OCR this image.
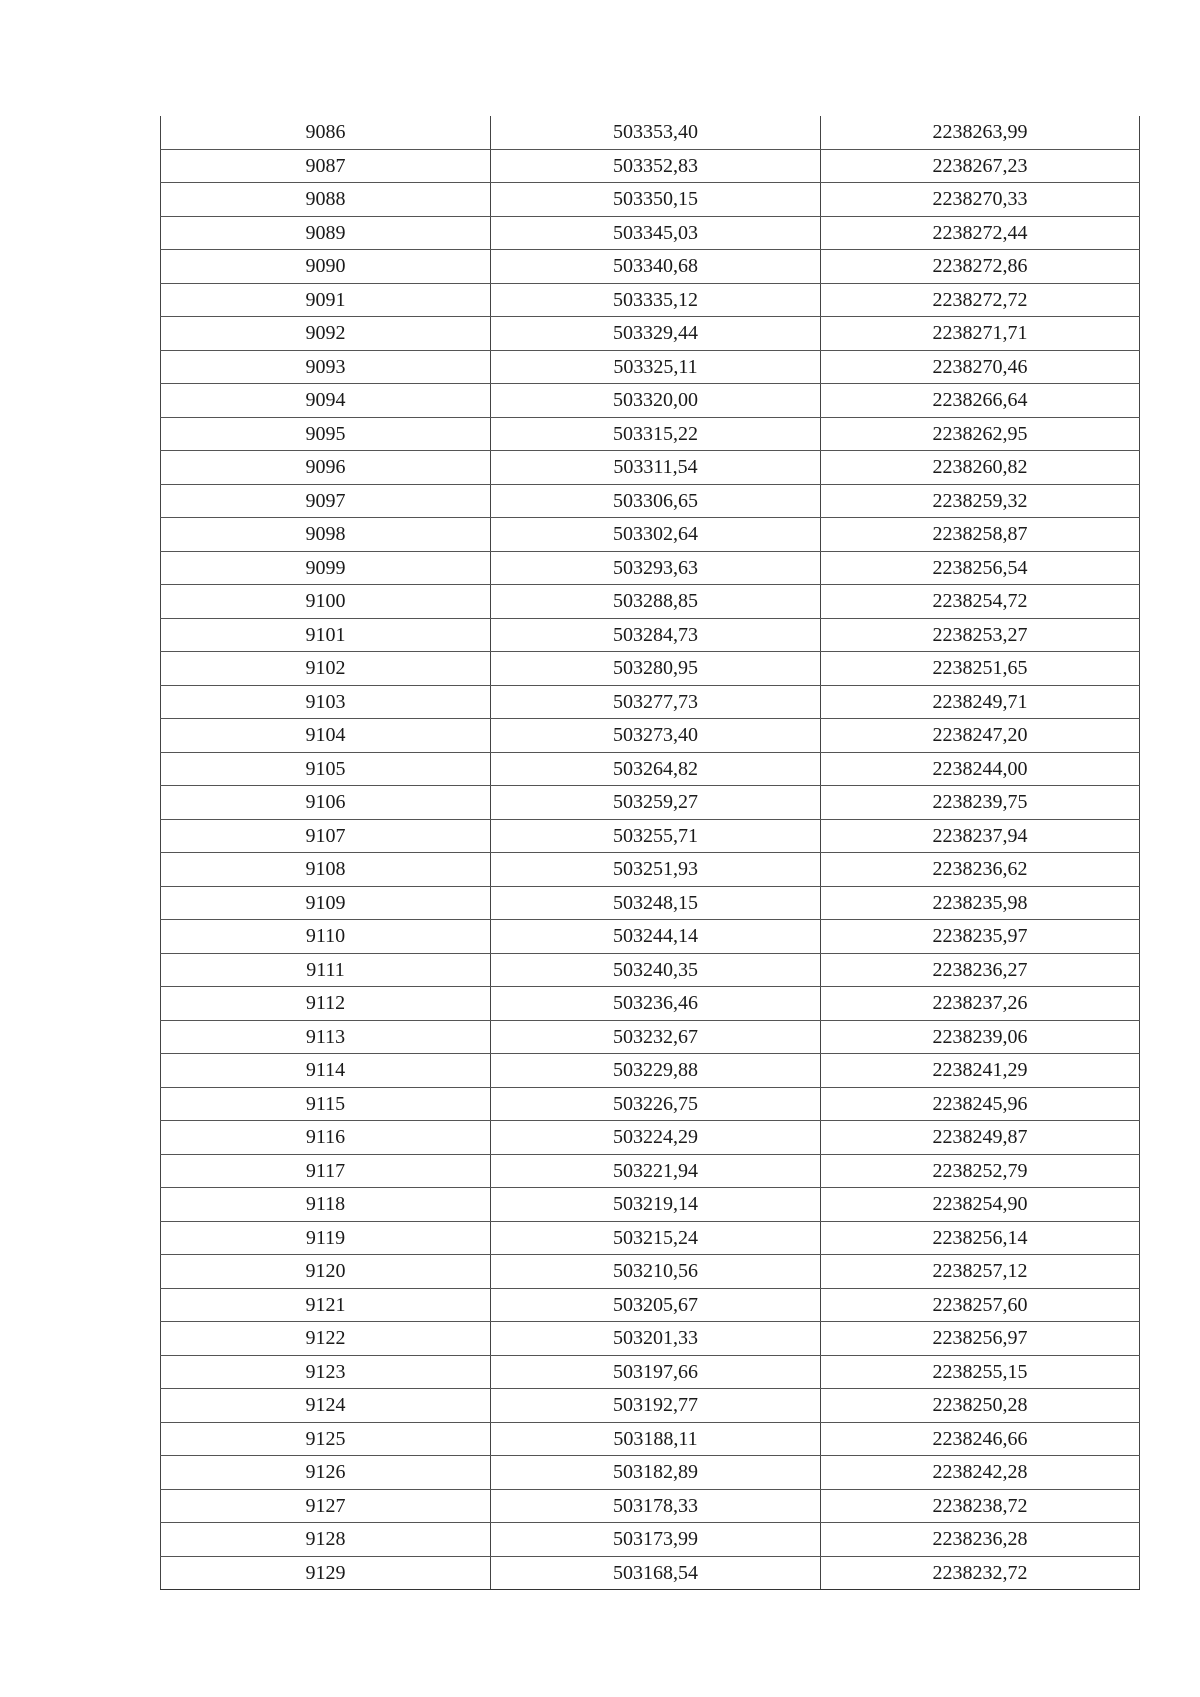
9086	503353,40	2238263,99
9087	503352,83	2238267,23
9088	503350,15	2238270,33
9089	503345,03	2238272,44
9090	503340,68	2238272,86
9091	503335,12	2238272,72
9092	503329,44	2238271,71
9093	503325,11	2238270,46
9094	503320,00	2238266,64
9095	503315,22	2238262,95
9096	503311,54	2238260,82
9097	503306,65	2238259,32
9098	503302,64	2238258,87
9099	503293,63	2238256,54
9100	503288,85	2238254,72
9101	503284,73	2238253,27
9102	503280,95	2238251,65
9103	503277,73	2238249,71
9104	503273,40	2238247,20
9105	503264,82	2238244,00
9106	503259,27	2238239,75
9107	503255,71	2238237,94
9108	503251,93	2238236,62
9109	503248,15	2238235,98
9110	503244,14	2238235,97
9111	503240,35	2238236,27
9112	503236,46	2238237,26
9113	503232,67	2238239,06
9114	503229,88	2238241,29
9115	503226,75	2238245,96
9116	503224,29	2238249,87
9117	503221,94	2238252,79
9118	503219,14	2238254,90
9119	503215,24	2238256,14
9120	503210,56	2238257,12
9121	503205,67	2238257,60
9122	503201,33	2238256,97
9123	503197,66	2238255,15
9124	503192,77	2238250,28
9125	503188,11	2238246,66
9126	503182,89	2238242,28
9127	503178,33	2238238,72
9128	503173,99	2238236,28
9129	503168,54	2238232,72
